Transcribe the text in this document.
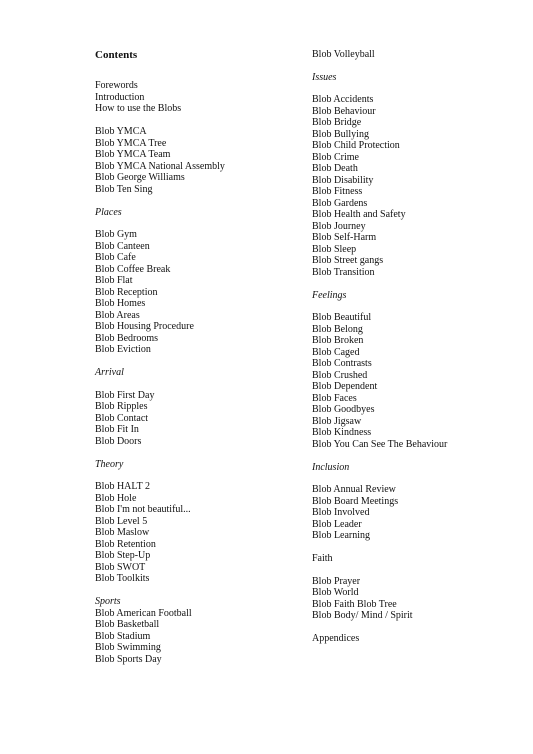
Contents
Forewords
Introduction
How to use the Blobs
Blob YMCA
Blob YMCA Tree
Blob YMCA Team
Blob YMCA National Assembly
Blob George Williams
Blob Ten Sing
Places
Blob Gym
Blob Canteen
Blob Cafe
Blob Coffee Break
Blob Flat
Blob Reception
Blob Homes
Blob Areas
Blob Housing Procedure
Blob Bedrooms
Blob Eviction
Arrival
Blob First Day
Blob Ripples
Blob Contact
Blob Fit In
Blob Doors
Theory
Blob HALT 2
Blob Hole
Blob I'm not beautiful...
Blob Level 5
Blob Maslow
Blob Retention
Blob Step-Up
Blob SWOT
Blob Toolkits
Sports
Blob American Football
Blob Basketball
Blob Stadium
Blob Swimming
Blob Sports Day
Blob Volleyball
Issues
Blob Accidents
Blob Behaviour
Blob Bridge
Blob Bullying
Blob Child Protection
Blob Crime
Blob Death
Blob Disability
Blob Fitness
Blob Gardens
Blob Health and Safety
Blob Journey
Blob Self-Harm
Blob Sleep
Blob Street gangs
Blob Transition
Feelings
Blob Beautiful
Blob Belong
Blob Broken
Blob Caged
Blob Contrasts
Blob Crushed
Blob Dependent
Blob Faces
Blob Goodbyes
Blob Jigsaw
Blob Kindness
Blob You Can See The Behaviour
Inclusion
Blob Annual Review
Blob Board Meetings
Blob Involved
Blob Leader
Blob Learning
Faith
Blob Prayer
Blob World
Blob Faith Blob Tree
Blob Body/ Mind / Spirit
Appendices
